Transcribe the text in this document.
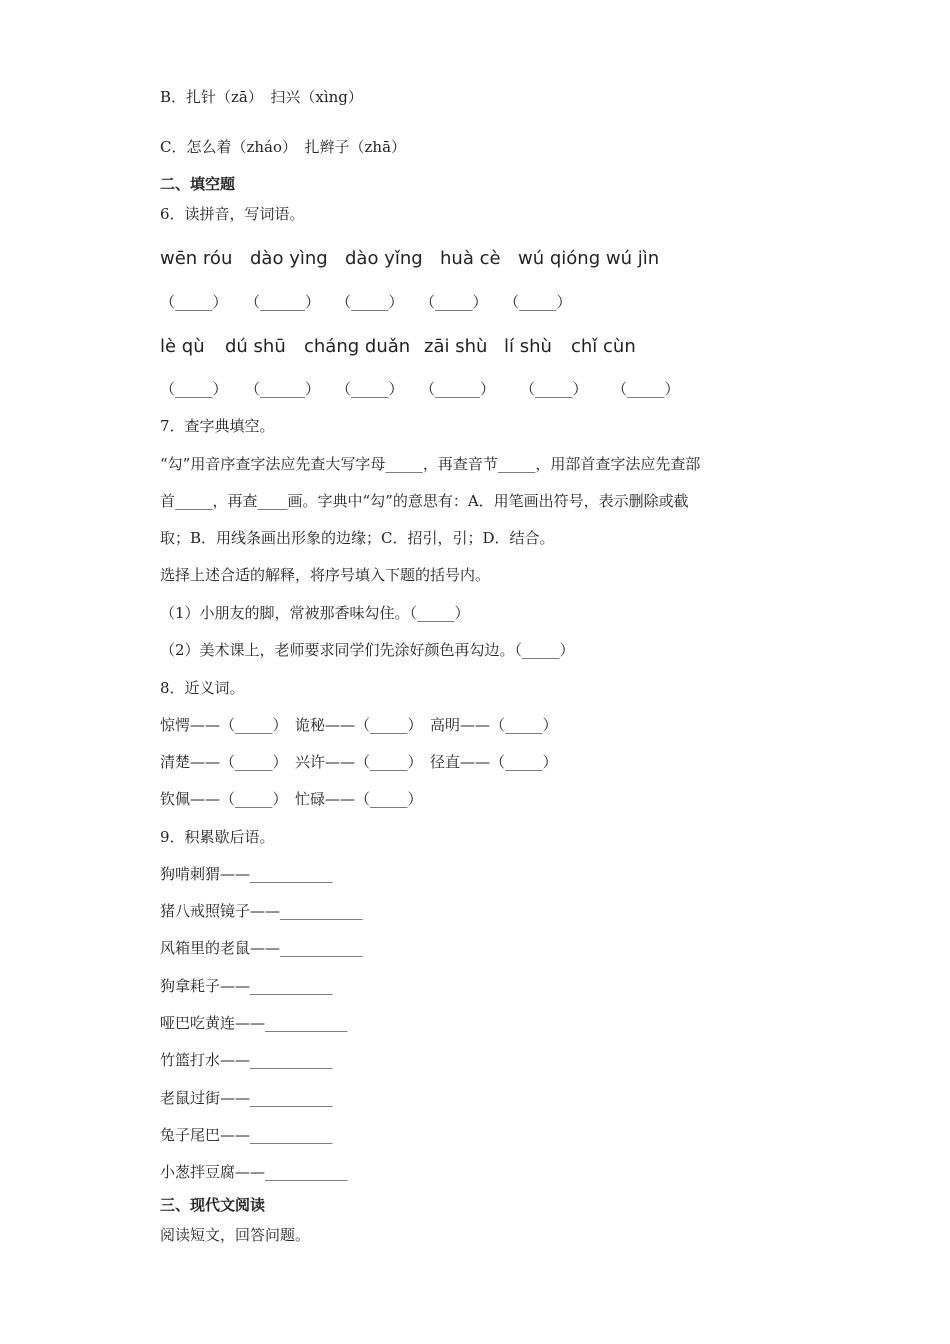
B．扎针（zā）　扫兴（xìng）
C．怎么着（zháo）　扎辫子（zhā）
二、填空题
6．读拼音，写词语。
wēn róu dào yìng dào yǐng huà cè wú qióng wú jìn
（_____） （______） （_____） （_____） （_____）
lè qù dú shū cháng duǎn zāi shù lí shù chǐ cùn
（_____） （______） （_____） （______） （_____） （_____）
7．查字典填空。
“勾”用音序查字法应先查大写字母_____，再查音节_____，用部首查字法应先查部
首_____，再查____画。字典中“勾”的意思有：A．用笔画出符号，表示删除或截
取；B．用线条画出形象的边缘；C．招引，引；D．结合。
选择上述合适的解释，将序号填入下题的括号内。
（1）小朋友的脚，常被那香味勾住。（_____）
（2）美术课上，老师要求同学们先涂好颜色再勾边。（_____）
8．近义词。
惊愕——（_____）　诡秘——（_____）　高明——（_____）
清楚——（_____）　兴许——（_____）　径直——（_____）
钦佩——（_____）　忙碌——（_____）
9．积累歇后语。
狗啃刺猬——___________
猪八戒照镜子——___________
风箱里的老鼠——___________
狗拿耗子——___________
哑巴吃黄连——___________
竹篮打水——___________
老鼠过街——___________
兔子尾巴——___________
小葱拌豆腐——___________
三、现代文阅读
阅读短文，回答问题。
